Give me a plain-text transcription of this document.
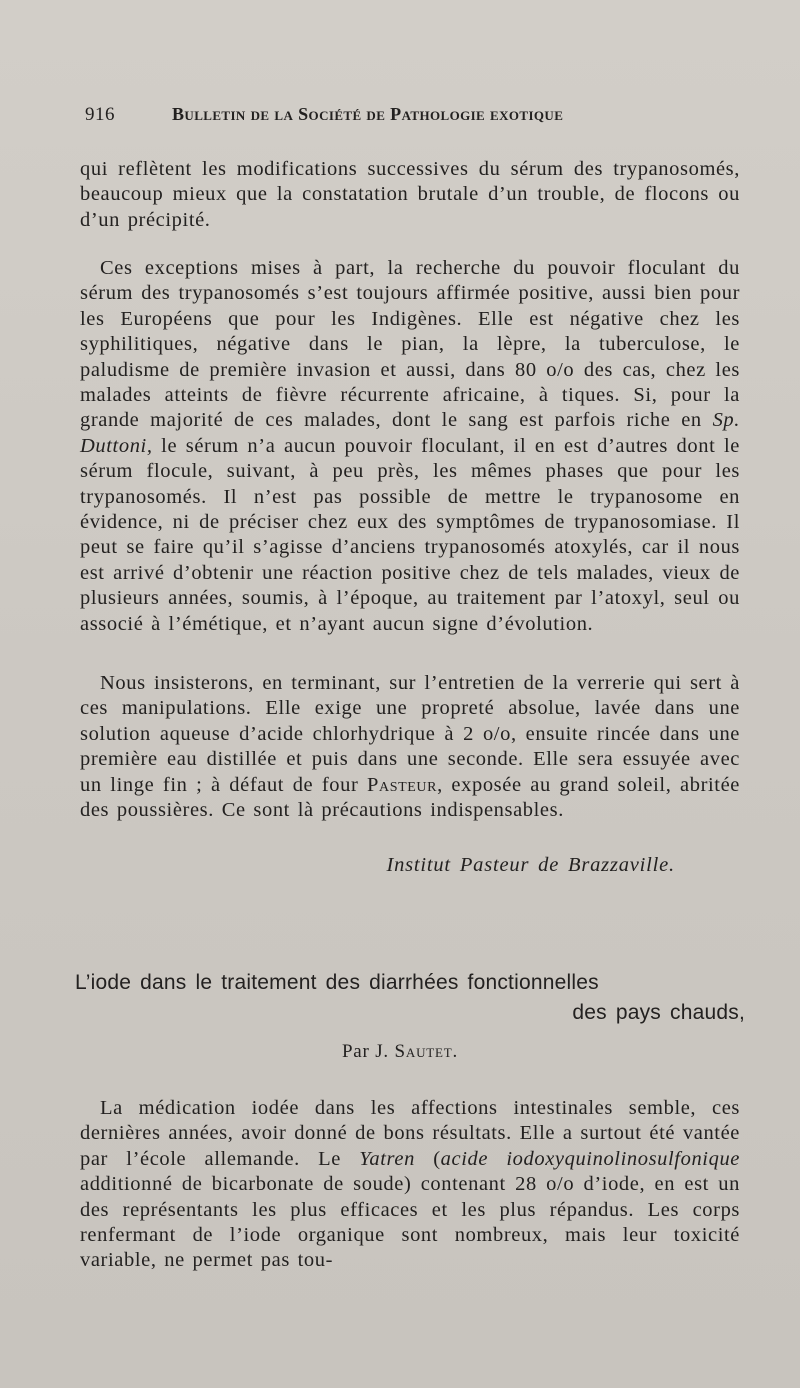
916	Bulletin de la Société de Pathologie exotique

qui reflètent les modifications successives du sérum des trypanosomés, beaucoup mieux que la constatation brutale d’un trouble, de flocons ou d’un précipité.

Ces exceptions mises à part, la recherche du pouvoir floculant du sérum des trypanosomés s’est toujours affirmée positive, aussi bien pour les Européens que pour les Indigènes. Elle est négative chez les syphilitiques, négative dans le pian, la lèpre, la tuberculose, le paludisme de première invasion et aussi, dans 80 o/o des cas, chez les malades atteints de fièvre récurrente africaine, à tiques. Si, pour la grande majorité de ces malades, dont le sang est parfois riche en Sp. Duttoni, le sérum n’a aucun pouvoir floculant, il en est d’autres dont le sérum flocule, suivant, à peu près, les mêmes phases que pour les trypanosomés. Il n’est pas possible de mettre le trypanosome en évidence, ni de préciser chez eux des symptômes de trypanosomiase. Il peut se faire qu’il s’agisse d’anciens trypanosomés atoxylés, car il nous est arrivé d’obtenir une réaction positive chez de tels malades, vieux de plusieurs années, soumis, à l’époque, au traitement par l’atoxyl, seul ou associé à l’émétique, et n’ayant aucun signe d’évolution.

Nous insisterons, en terminant, sur l’entretien de la verrerie qui sert à ces manipulations. Elle exige une propreté absolue, lavée dans une solution aqueuse d’acide chlorhydrique à 2 o/o, ensuite rincée dans une première eau distillée et puis dans une seconde. Elle sera essuyée avec un linge fin ; à défaut de four Pasteur, exposée au grand soleil, abritée des poussières. Ce sont là précautions indispensables.

Institut Pasteur de Brazzaville.
L’iode dans le traitement des diarrhées fonctionnelles
des pays chauds,
Par J. Sautet.

La médication iodée dans les affections intestinales semble, ces dernières années, avoir donné de bons résultats. Elle a surtout été vantée par l’école allemande. Le Yatren (acide iodoxyquinolinosulfonique additionné de bicarbonate de soude) contenant 28 o/o d’iode, en est un des représentants les plus efficaces et les plus répandus. Les corps renfermant de l’iode organique sont nombreux, mais leur toxicité variable, ne permet pas tou-
